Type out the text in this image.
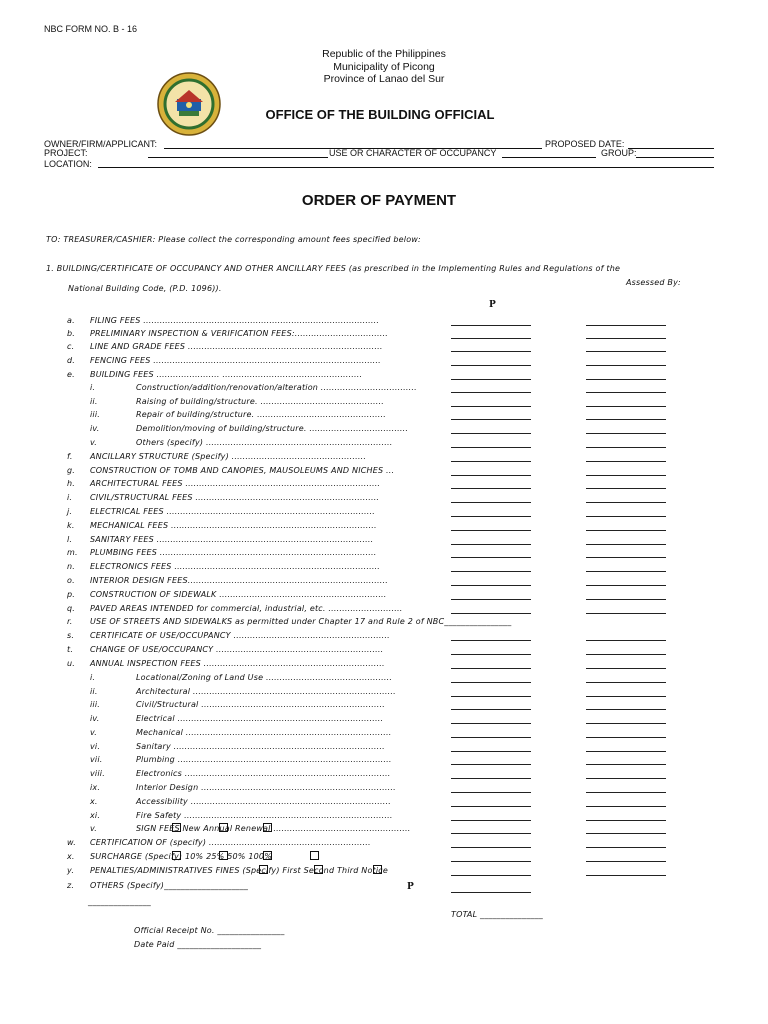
NBC FORM NO. B - 16
Republic of the Philippines
Municipality of Picong
Province of Lanao del Sur
OFFICE OF THE BUILDING OFFICIAL
OWNER/FIRM/APPLICANT:	PROPOSED DATE:
PROJECT:	USE OR CHARACTER OF OCCUPANCY	GROUP:
LOCATION:
ORDER OF PAYMENT
TO: TREASURER/CASHIER: Please collect the corresponding amount fees specified below:
1. BUILDING/CERTIFICATE OF OCCUPANCY AND OTHER ANCILLARY FEES (as prescribed in the Implementing Rules and Regulations of the
National Building Code, (P.D. 1096)).
Assessed By:
P
a. FILING FEES ......................................................................................
b. PRELIMINARY INSPECTION & VERIFICATION FEES:..................................
c. LINE AND GRADE FEES .......................................................................
d. FENCING FEES ...................................................................................
e. BUILDING FEES ....................... ...................................................
i.	Construction/addition/renovation/alteration ...................................
ii.	Raising of building/structure. .............................................
iii.	Repair of building/structure. ...............................................
iv.	Demolition/moving of building/structure. ....................................
v.	Others (specify) ....................................................................
f. ANCILLARY STRUCTURE (Specify) .................................................
g. CONSTRUCTION OF TOMB AND CANOPIES, MAUSOLEUMS AND NICHES ...
h. ARCHITECTURAL FEES .......................................................................
i. CIVIL/STRUCTURAL FEES ...................................................................
j. ELECTRICAL FEES ............................................................................
k. MECHANICAL FEES ...........................................................................
l. SANITARY FEES ...............................................................................
m. PLUMBING FEES ...............................................................................
n. ELECTRONICS FEES ...........................................................................
o. INTERIOR DESIGN FEES.........................................................................
p. CONSTRUCTION OF SIDEWALK .............................................................
q. PAVED AREAS INTENDED for commercial, industrial, etc. ...........................
r. USE OF STREETS AND SIDEWALKS as permitted under Chapter 17 and Rule 2 of NBC________________
s. CERTIFICATE OF USE/OCCUPANCY .........................................................
t. CHANGE OF USE/OCCUPANCY .............................................................
u. ANNUAL INSPECTION FEES ..................................................................
i.	Locational/Zoning of Land Use ..............................................
ii.	Architectural ..........................................................................
iii.	Civil/Structural ...................................................................
iv.	Electrical ...........................................................................
v.	Mechanical ...........................................................................
vi.	Sanitary .............................................................................
vii.	Plumbing ..............................................................................
viii.	Electronics ...........................................................................
ix.	Interior Design .......................................................................
x.	Accessibility .........................................................................
xi.	Fire Safety ............................................................................
v.	SIGN FEES New Annual Renewal ..................................................
w. CERTIFICATION OF (specify) ...........................................................
x. SURCHARGE (Specify) 10% 25% 50% 100%
y. PENALTIES/ADMINISTRATIVES FINES (Specify) First Second Third Notice
z. OTHERS (Specify)____________________	P
_______________
TOTAL _______________
Official Receipt No. ________________
Date Paid ____________________
